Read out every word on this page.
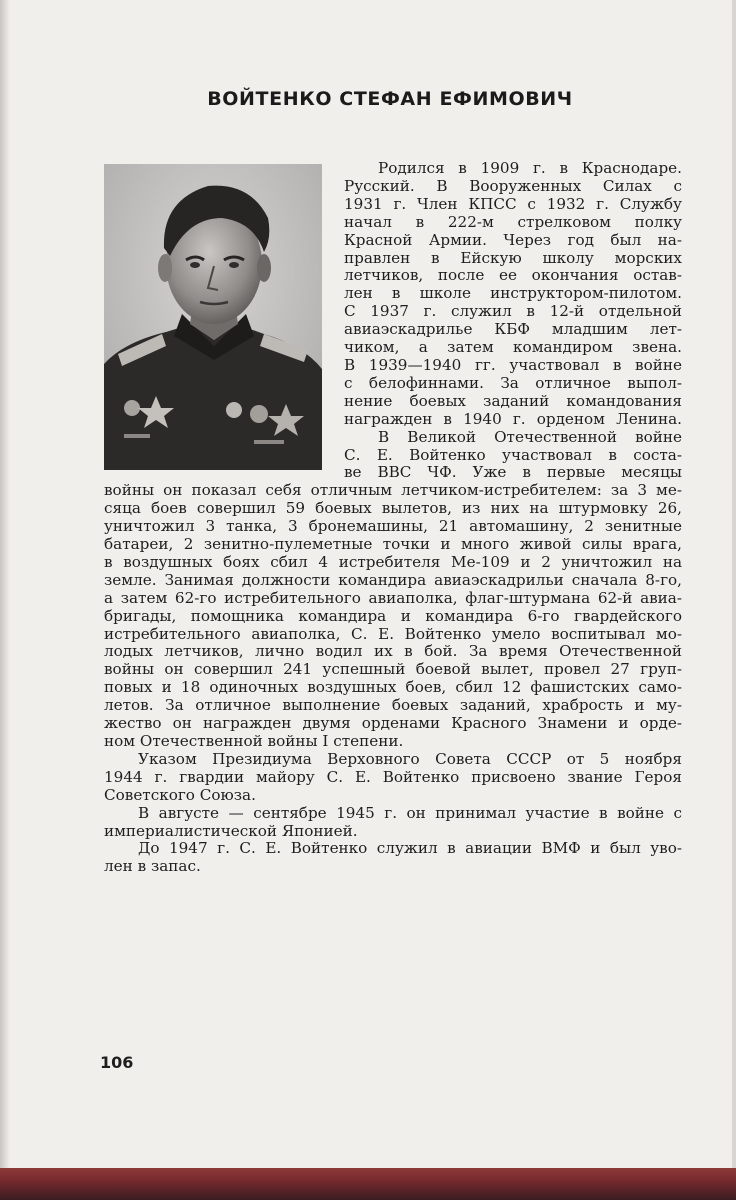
ВОЙТЕНКО СТЕФАН ЕФИМОВИЧ
Родился в 1909 г. в Краснодаре.
Русский. В Вооруженных Силах с
1931 г. Член КПСС с 1932 г. Службу
начал в 222-м стрелковом полку
Красной Армии. Через год был на-
правлен в Ейскую школу морских
летчиков, после ее окончания остав-
лен в школе инструктором-пилотом.
С 1937 г. служил в 12-й отдельной
авиаэскадрилье КБФ младшим лет-
чиком, а затем командиром звена.
В 1939—1940 гг. участвовал в войне
с белофиннами. За отличное выпол-
нение боевых заданий командования
награжден в 1940 г. орденом Ленина.
В Великой Отечественной войне
С. Е. Войтенко участвовал в соста-
ве ВВС ЧФ. Уже в первые месяцы
войны он показал себя отличным летчиком-истребителем: за 3 ме-
сяца боев совершил 59 боевых вылетов, из них на штурмовку 26,
уничтожил 3 танка, 3 бронемашины, 21 автомашину, 2 зенитные
батареи, 2 зенитно-пулеметные точки и много живой силы врага,
в воздушных боях сбил 4 истребителя Ме-109 и 2 уничтожил на
земле. Занимая должности командира авиаэскадрильи сначала 8-го,
а затем 62-го истребительного авиаполка, флаг-штурмана 62-й авиа-
бригады, помощника командира и командира 6-го гвардейского
истребительного авиаполка, С. Е. Войтенко умело воспитывал мо-
лодых летчиков, лично водил их в бой. За время Отечественной
войны он совершил 241 успешный боевой вылет, провел 27 груп-
повых и 18 одиночных воздушных боев, сбил 12 фашистских само-
летов. За отличное выполнение боевых заданий, храбрость и му-
жество он награжден двумя орденами Красного Знамени и орде-
ном Отечественной войны I степени.
Указом Президиума Верховного Совета СССР от 5 ноября
1944 г. гвардии майору С. Е. Войтенко присвоено звание Героя
Советского Союза.
В августе — сентябре 1945 г. он принимал участие в войне с
империалистической Японией.
До 1947 г. С. Е. Войтенко служил в авиации ВМФ и был уво-
лен в запас.
106
